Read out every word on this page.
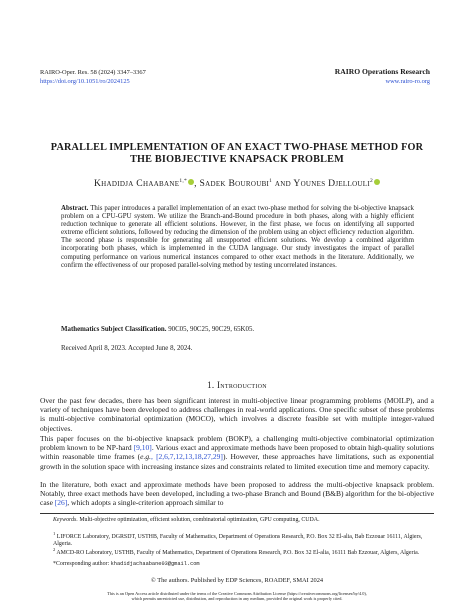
RAIRO-Oper. Res. 58 (2024) 3347–3367
https://doi.org/10.1051/ro/2024125
RAIRO Operations Research
www.rairo-ro.org
PARALLEL IMPLEMENTATION OF AN EXACT TWO-PHASE METHOD FOR
THE BIOBJECTIVE KNAPSACK PROBLEM
Khadidja Chaabane$^{1,*}$ , Sadek Bouroubi$^1$ and Younes Djellouli$^2$
Abstract. This paper introduces a parallel implementation of an exact two-phase method for solving the bi-objective knapsack problem on a CPU-GPU system. We utilize the Branch-and-Bound procedure in both phases, along with a highly efficient reduction technique to generate all efficient solutions. However, in the first phase, we focus on identifying all supported extreme efficient solutions, followed by reducing the dimension of the problem using an object efficiency reduction algorithm. The second phase is responsible for generating all unsupported efficient solutions. We develop a combined algorithm incorporating both phases, which is implemented in the CUDA language. Our study investigates the impact of parallel computing performance on various numerical instances compared to other exact methods in the literature. Additionally, we confirm the effectiveness of our proposed parallel-solving method by testing uncorrelated instances.
Mathematics Subject Classification. 90C05, 90C25, 90C29, 65K05.
Received April 8, 2023. Accepted June 8, 2024.
1. Introduction
Over the past few decades, there has been significant interest in multi-objective linear programming problems (MOILP), and a variety of techniques have been developed to address challenges in real-world applications. One specific subset of these problems is multi-objective combinatorial optimization (MOCO), which involves a discrete feasible set with multiple integer-valued objectives.
This paper focuses on the bi-objective knapsack problem (BOKP), a challenging multi-objective combinatorial optimization problem known to be NP-hard [9,10]. Various exact and approximate methods have been proposed to obtain high-quality solutions within reasonable time frames (e.g., [2,6,7,12,13,18,27,29]). However, these approaches have limitations, such as exponential growth in the solution space with increasing instance sizes and constraints related to limited execution time and memory capacity.
In the literature, both exact and approximate methods have been proposed to address the multi-objective knapsack problem. Notably, three exact methods have been developed, including a two-phase Branch and Bound (B&B) algorithm for the bi-objective case [26], which adopts a single-criterion approach similar to
Keywords. Multi-objective optimization, efficient solution, combinatorial optimization, GPU computing, CUDA.
$^1$ LIFORCE Laboratory, DGRSDT, USTHB, Faculty of Mathematics, Department of Operations Research, P.O. Box 32 El-alia, Bab Ezzouar 16111, Algiers, Algeria.
$^2$ AMCD-RO Laboratory, USTHB, Faculty of Mathematics, Department of Operations Research, P.O. Box 32 El-alia, 16111 Bab Ezzouar, Algiers, Algeria.
*Corresponding author: khadidjachaabane03@gmail.com
© The authors. Published by EDP Sciences, ROADEF, SMAI 2024
This is an Open Access article distributed under the terms of the Creative Commons Attribution License (https://creativecommons.org/licenses/by/4.0),
which permits unrestricted use, distribution, and reproduction in any medium, provided the original work is properly cited.
